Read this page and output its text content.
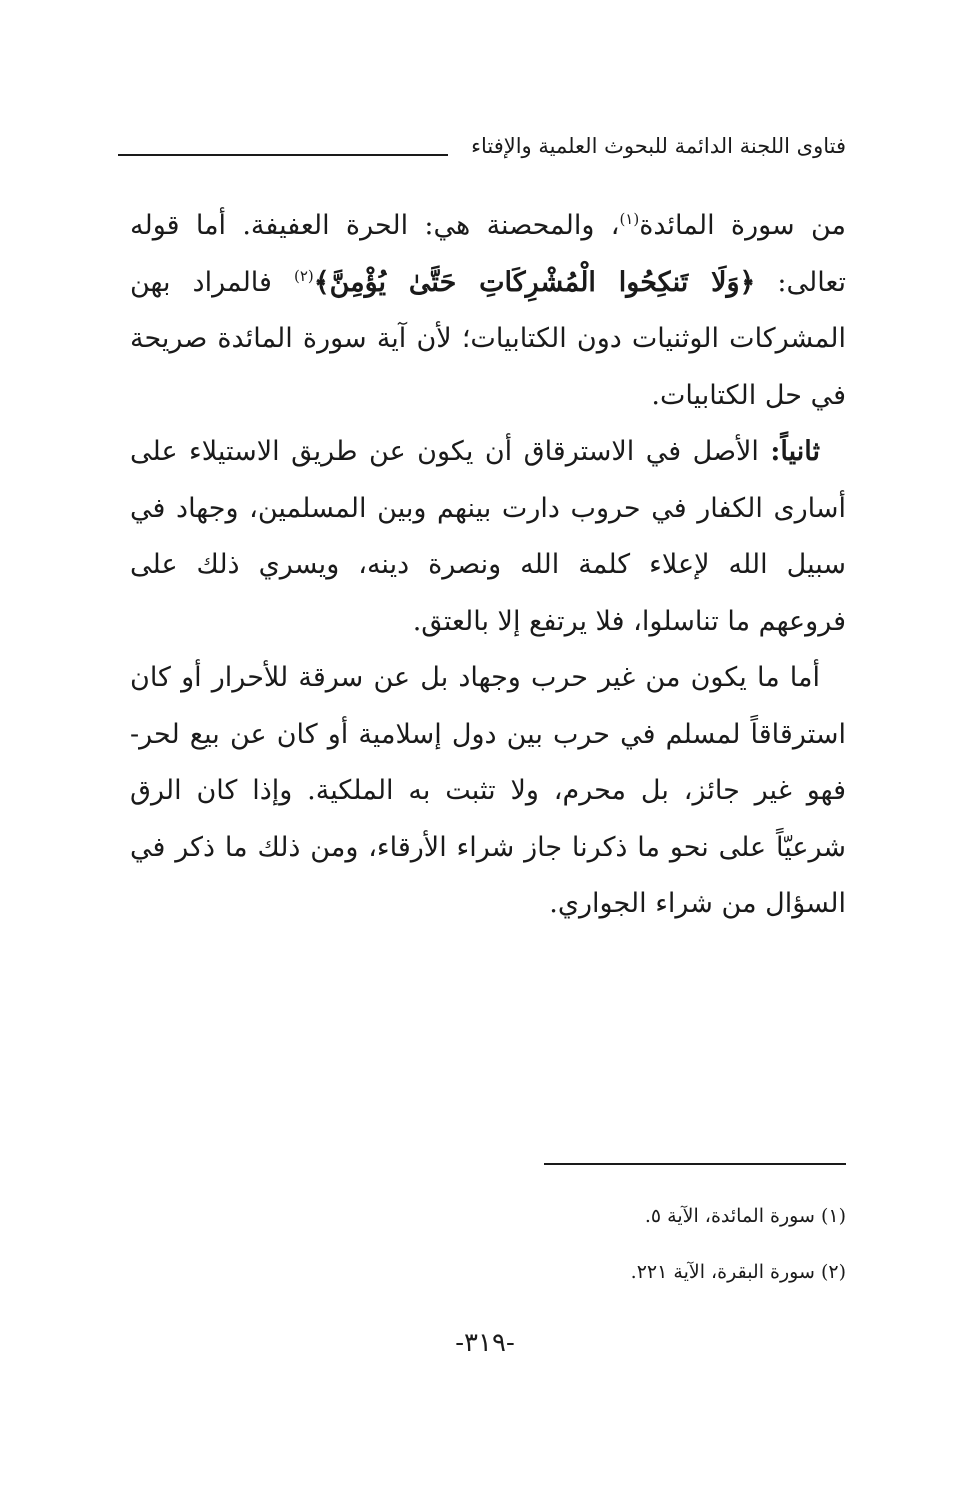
فتاوى اللجنة الدائمة للبحوث العلمية والإفتاء

من سورة المائدة$^{(١)}$، والمحصنة هي: الحرة العفيفة. أما قوله تعالى: ﴿وَلَا تَنكِحُوا الْمُشْرِكَاتِ حَتَّىٰ يُؤْمِنَّ﴾$^{(٢)}$ فالمراد بهن المشركات الوثنيات دون الكتابيات؛ لأن آية سورة المائدة صريحة في حل الكتابيات.

ثانياً: الأصل في الاسترقاق أن يكون عن طريق الاستيلاء على أسارى الكفار في حروب دارت بينهم وبين المسلمين، وجهاد في سبيل الله لإعلاء كلمة الله ونصرة دينه، ويسري ذلك على فروعهم ما تناسلوا، فلا يرتفع إلا بالعتق.

أما ما يكون من غير حرب وجهاد بل عن سرقة للأحرار أو كان استرقاقاً لمسلم في حرب بين دول إسلامية أو كان عن بيع لحر- فهو غير جائز، بل محرم، ولا تثبت به الملكية. وإذا كان الرق شرعيّاً على نحو ما ذكرنا جاز شراء الأرقاء، ومن ذلك ما ذكر في السؤال من شراء الجواري.

(١) سورة المائدة، الآية ٥.

(٢) سورة البقرة، الآية ٢٢١.

-٣١٩-
